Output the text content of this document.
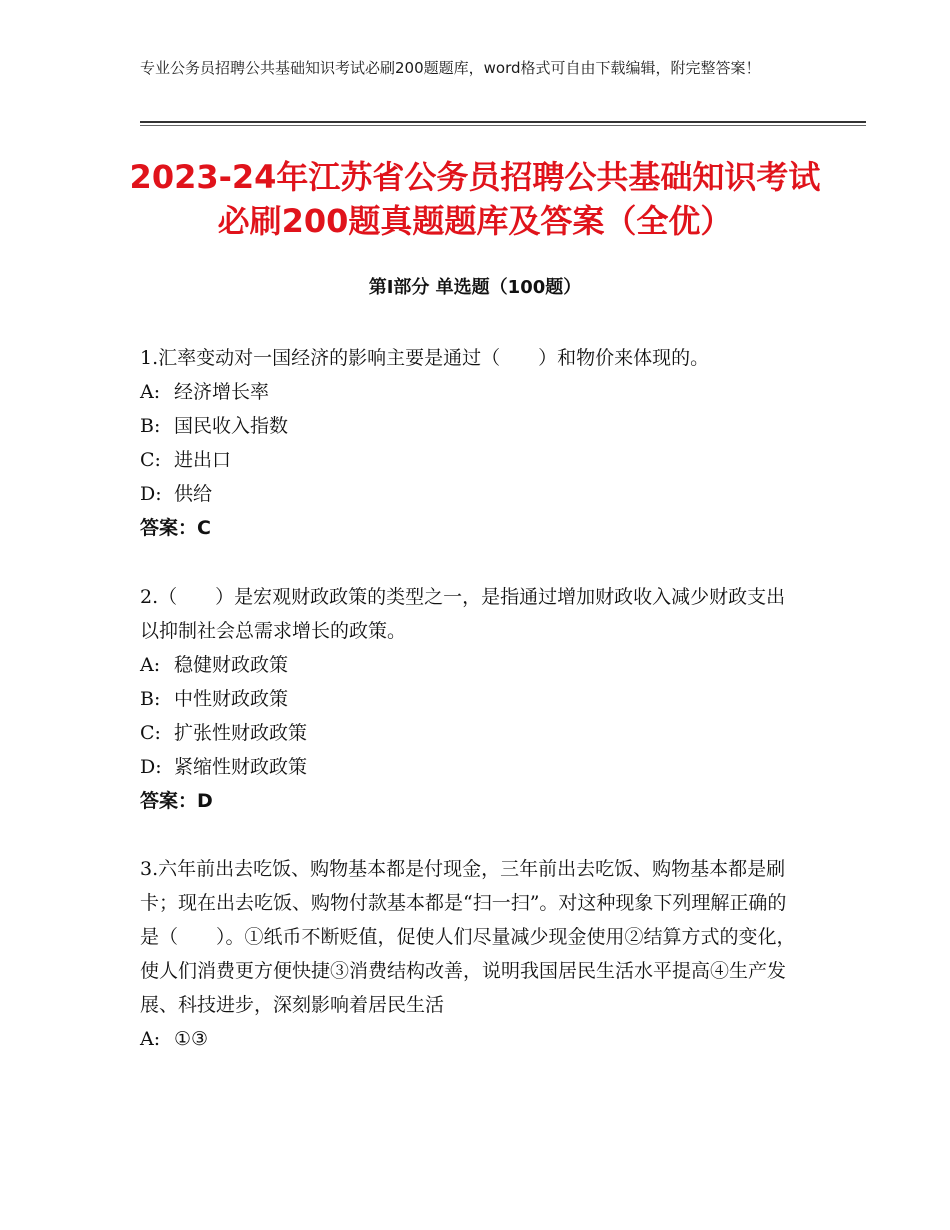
专业公务员招聘公共基础知识考试必刷200题题库，word格式可自由下载编辑，附完整答案！
2023-24年江苏省公务员招聘公共基础知识考试必刷200题真题题库及答案（全优）
第Ⅰ部分 单选题（100题）

1.汇率变动对一国经济的影响主要是通过（　　）和物价来体现的。

A: 经济增长率
B: 国民收入指数
C: 进出口
D: 供给
答案：C

2.（　　）是宏观财政政策的类型之一，是指通过增加财政收入减少财政支出以抑制社会总需求增长的政策。

A: 稳健财政政策
B: 中性财政政策
C: 扩张性财政政策
D: 紧缩性财政政策
答案：D

3.六年前出去吃饭、购物基本都是付现金，三年前出去吃饭、购物基本都是刷卡；现在出去吃饭、购物付款基本都是“扫一扫”。对这种现象下列理解正确的是（　　）。①纸币不断贬值，促使人们尽量减少现金使用②结算方式的变化，使人们消费更方便快捷③消费结构改善，说明我国居民生活水平提高④生产发展、科技进步，深刻影响着居民生活

A: ①③
